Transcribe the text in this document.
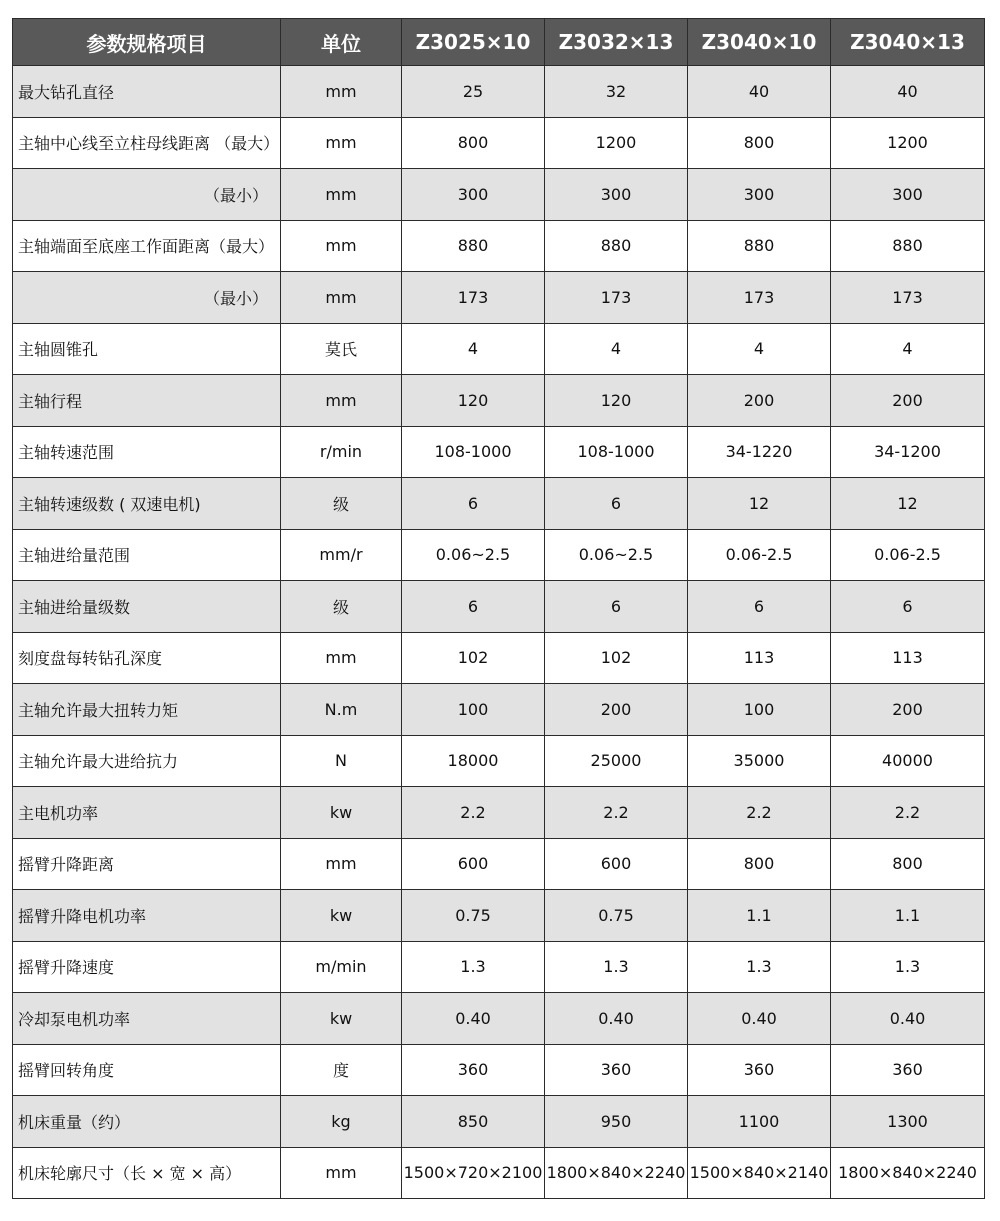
参数规格项目	单位	Z3025×10	Z3032×13	Z3040×10	Z3040×13
最大钻孔直径	mm	25	32	40	40
主轴中心线至立柱母线距离 （最大）	mm	800	1200	800	1200
（最小）	mm	300	300	300	300
主轴端面至底座工作面距离（最大）	mm	880	880	880	880
（最小）	mm	173	173	173	173
主轴圆锥孔	莫氏	4	4	4	4
主轴行程	mm	120	120	200	200
主轴转速范围	r/min	108-1000	108-1000	34-1220	34-1200
主轴转速级数 ( 双速电机)	级	6	6	12	12
主轴进给量范围	mm/r	0.06~2.5	0.06~2.5	0.06-2.5	0.06-2.5
主轴进给量级数	级	6	6	6	6
刻度盘每转钻孔深度	mm	102	102	113	113
主轴允许最大扭转力矩	N.m	100	200	100	200
主轴允许最大进给抗力	N	18000	25000	35000	40000
主电机功率	kw	2.2	2.2	2.2	2.2
摇臂升降距离	mm	600	600	800	800
摇臂升降电机功率	kw	0.75	0.75	1.1	1.1
摇臂升降速度	m/min	1.3	1.3	1.3	1.3
冷却泵电机功率	kw	0.40	0.40	0.40	0.40
摇臂回转角度	度	360	360	360	360
机床重量（约）	kg	850	950	1100	1300
机床轮廓尺寸（长 × 宽 × 高）	mm	1500×720×2100	1800×840×2240	1500×840×2140	1800×840×2240
